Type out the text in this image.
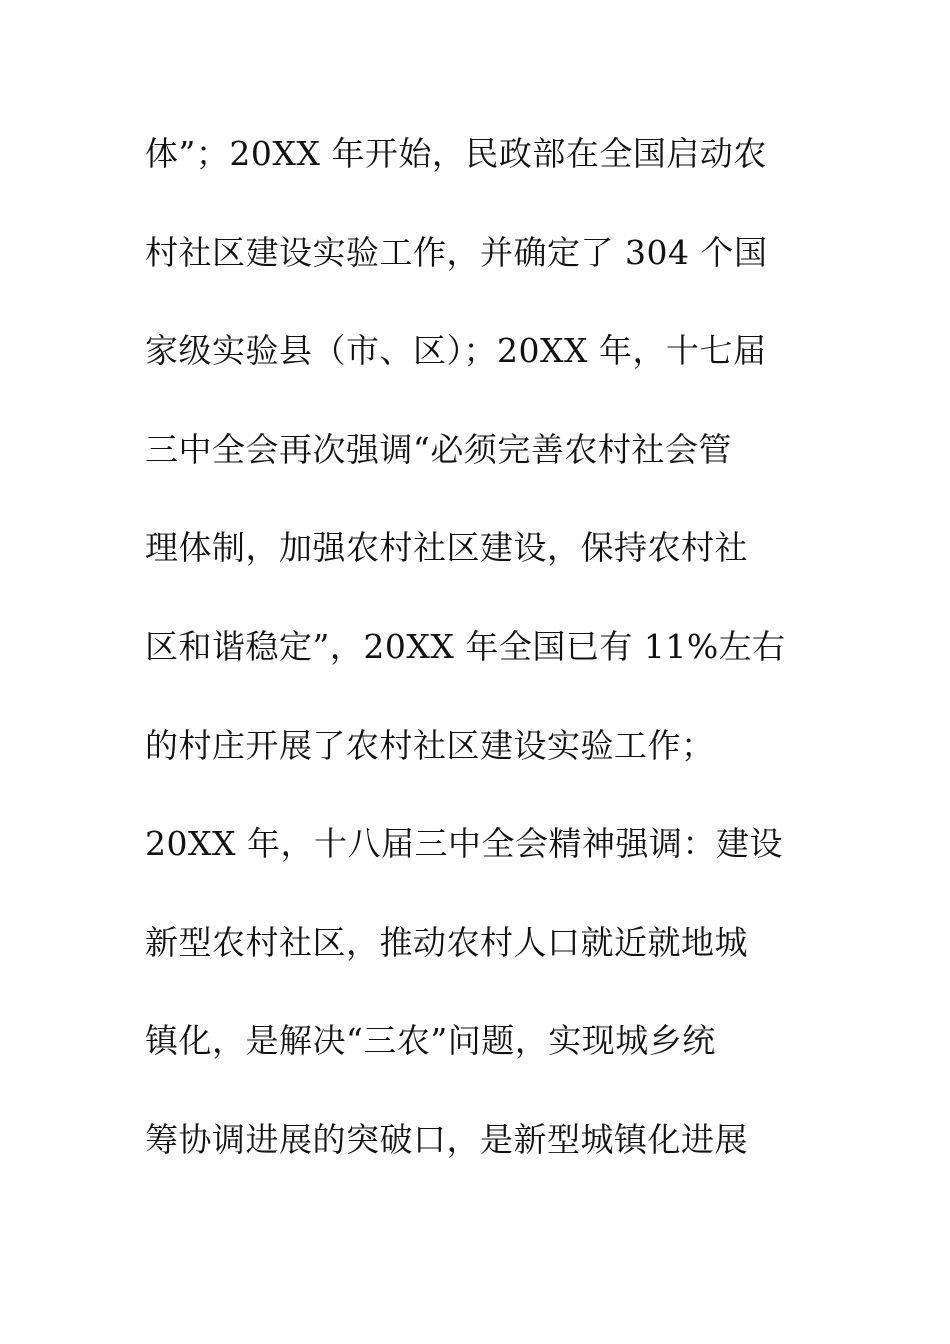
体”；20XX 年开始，民政部在全国启动农
村社区建设实验工作，并确定了 304 个国
家级实验县（市、区）；20XX 年，十七届
三中全会再次强调“必须完善农村社会管
理体制，加强农村社区建设，保持农村社
区和谐稳定”，20XX 年全国已有 11%左右
的村庄开展了农村社区建设实验工作；
20XX 年，十八届三中全会精神强调：建设
新型农村社区，推动农村人口就近就地城
镇化，是解决“三农”问题，实现城乡统
筹协调进展的突破口，是新型城镇化进展
